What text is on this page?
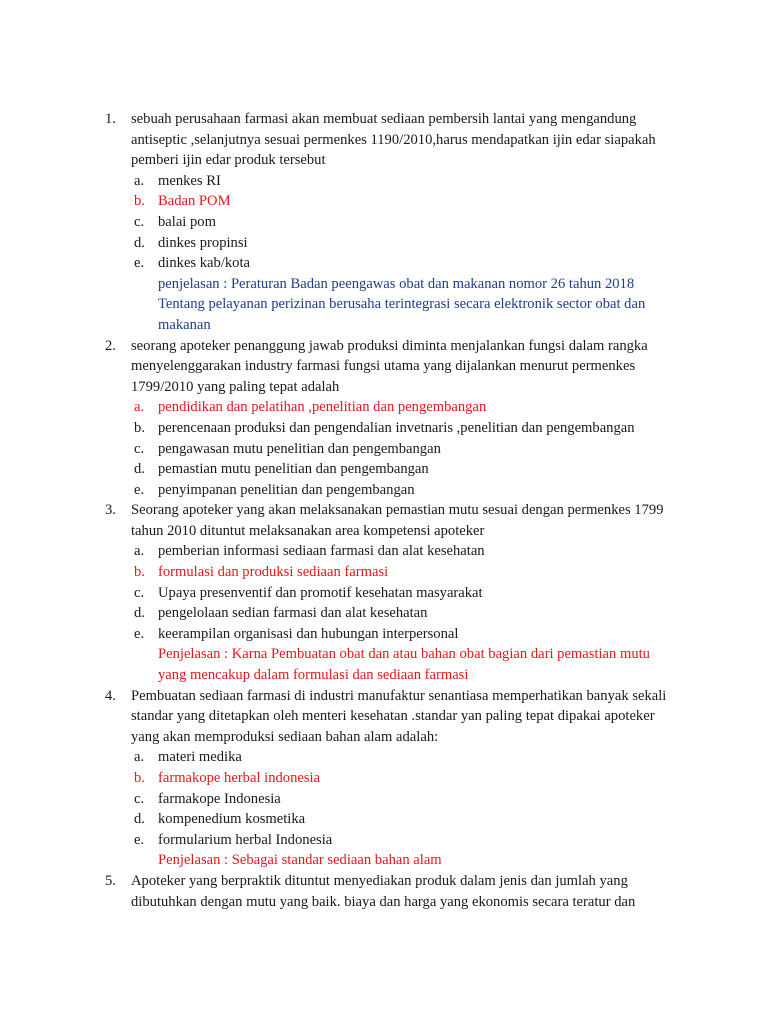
1. sebuah perusahaan farmasi akan membuat sediaan pembersih lantai yang mengandung antiseptic ,selanjutnya sesuai permenkes 1190/2010,harus mendapatkan ijin edar siapakah pemberi ijin edar produk tersebut
a. menkes RI
b. Badan POM
c. balai pom
d. dinkes propinsi
e. dinkes kab/kota
penjelasan : Peraturan Badan peengawas obat dan makanan nomor 26 tahun 2018 Tentang pelayanan perizinan berusaha terintegrasi secara elektronik sector obat dan makanan
2. seorang apoteker penanggung jawab produksi diminta menjalankan fungsi dalam rangka menyelenggarakan industry farmasi fungsi utama yang dijalankan menurut permenkes 1799/2010 yang paling tepat adalah
a. pendidikan dan pelatihan ,penelitian dan pengembangan
b. perencenaan produksi dan pengendalian invetnaris ,penelitian dan pengembangan
c. pengawasan mutu penelitian dan pengembangan
d. pemastian mutu penelitian dan pengembangan
e. penyimpanan penelitian dan pengembangan
3. Seorang apoteker yang akan melaksanakan pemastian mutu sesuai dengan permenkes 1799 tahun 2010 dituntut melaksanakan area kompetensi apoteker
a. pemberian informasi sediaan farmasi dan alat kesehatan
b. formulasi dan produksi sediaan farmasi
c. Upaya presenventif dan promotif kesehatan masyarakat
d. pengelolaan sedian farmasi dan alat kesehatan
e. keerampilan organisasi dan hubungan interpersonal
Penjelasan : Karna Pembuatan obat dan atau bahan obat bagian dari pemastian mutu yang mencakup dalam formulasi dan sediaan farmasi
4. Pembuatan sediaan farmasi di industri manufaktur senantiasa memperhatikan banyak sekali standar yang ditetapkan oleh menteri kesehatan .standar yan paling tepat dipakai apoteker yang akan memproduksi sediaan bahan alam adalah:
a. materi medika
b. farmakope herbal indonesia
c. farmakope Indonesia
d. kompenedium kosmetika
e. formularium herbal Indonesia
Penjelasan : Sebagai standar sediaan bahan alam
5. Apoteker yang berpraktik dituntut menyediakan produk dalam jenis dan jumlah yang dibutuhkan dengan mutu yang baik. biaya dan harga yang ekonomis secara teratur dan
